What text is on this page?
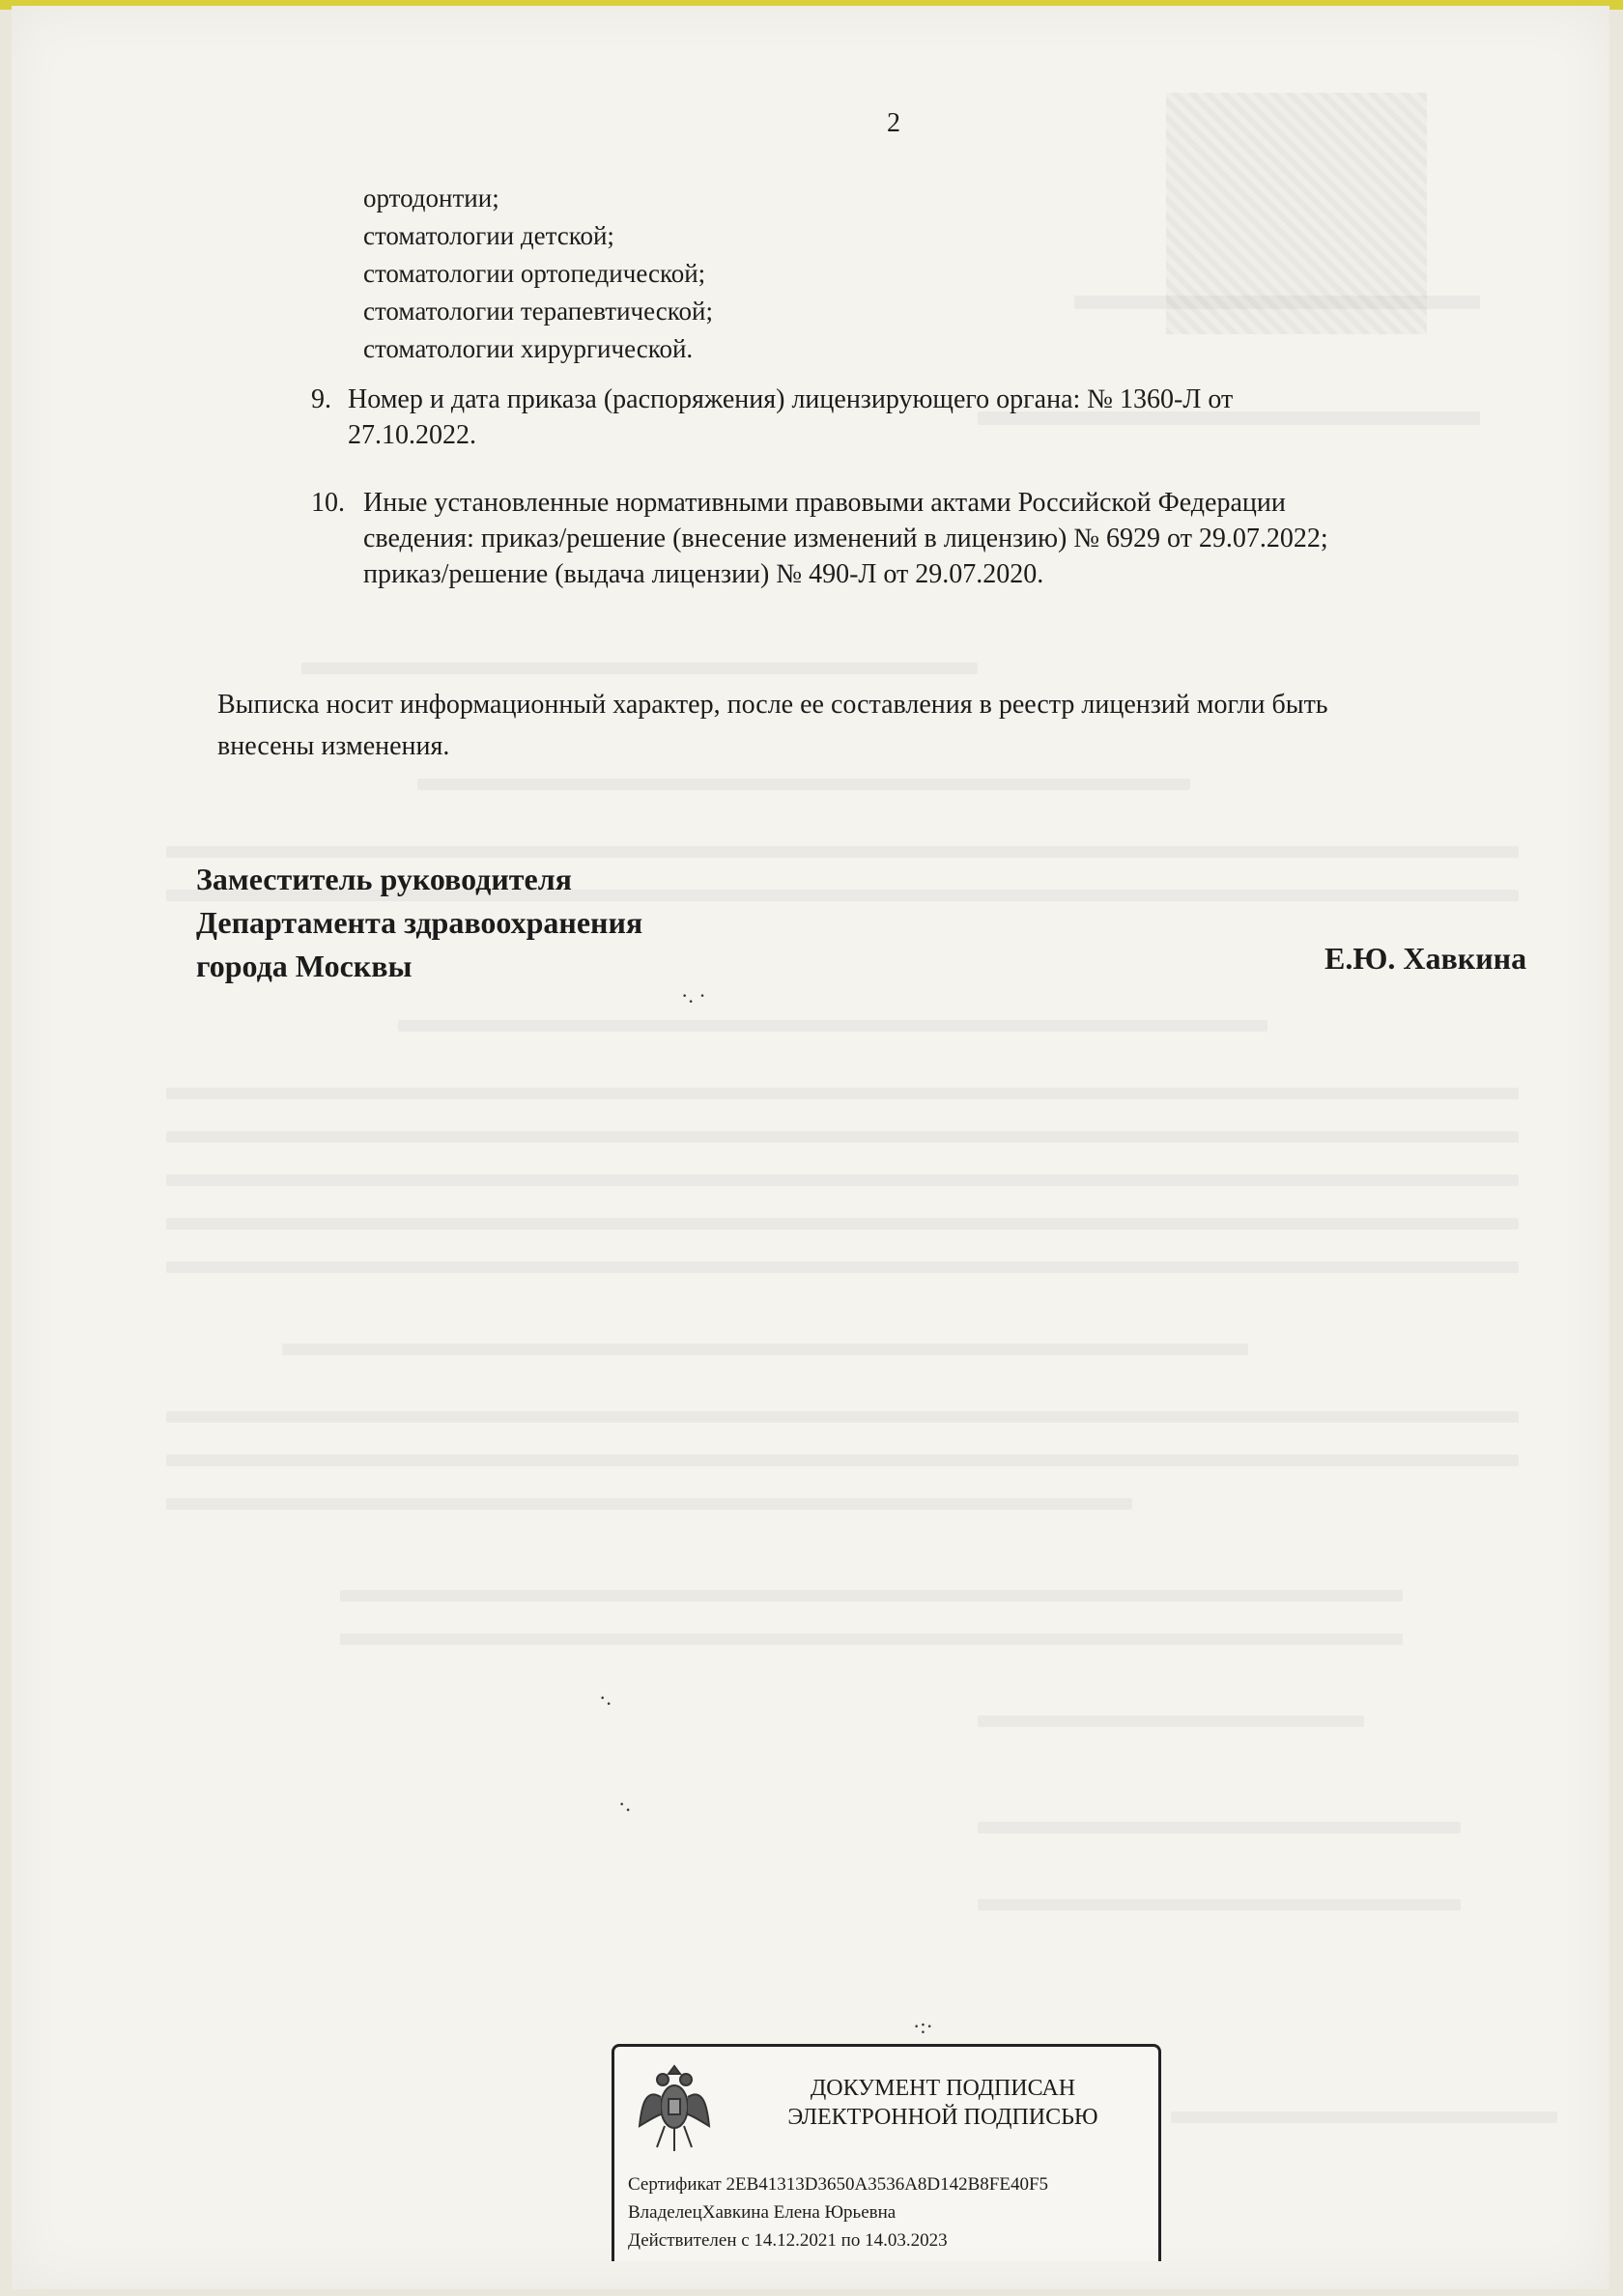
2
ортодонтии;
стоматологии детской;
стоматологии ортопедической;
стоматологии терапевтической;
стоматологии хирургической.
9. Номер и дата приказа (распоряжения) лицензирующего органа: № 1360-Л от
27.10.2022.
10. Иные установленные нормативными правовыми актами Российской Федерации
сведения: приказ/решение (внесение изменений в лицензию) № 6929 от 29.07.2022;
приказ/решение (выдача лицензии) № 490-Л от 29.07.2020.
Выписка носит информационный характер, после ее составления в реестр лицензий могли быть
внесены изменения.
Заместитель руководителя
Департамента здравоохранения
города Москвы	Е.Ю. Хавкина
·. ·
·.
·.
·:·
ДОКУМЕНТ ПОДПИСАН
ЭЛЕКТРОННОЙ ПОДПИСЬЮ
Сертификат 2EB41313D3650A3536A8D142B8FE40F5
ВладелецХавкина Елена Юрьевна
Действителен с 14.12.2021 по 14.03.2023
